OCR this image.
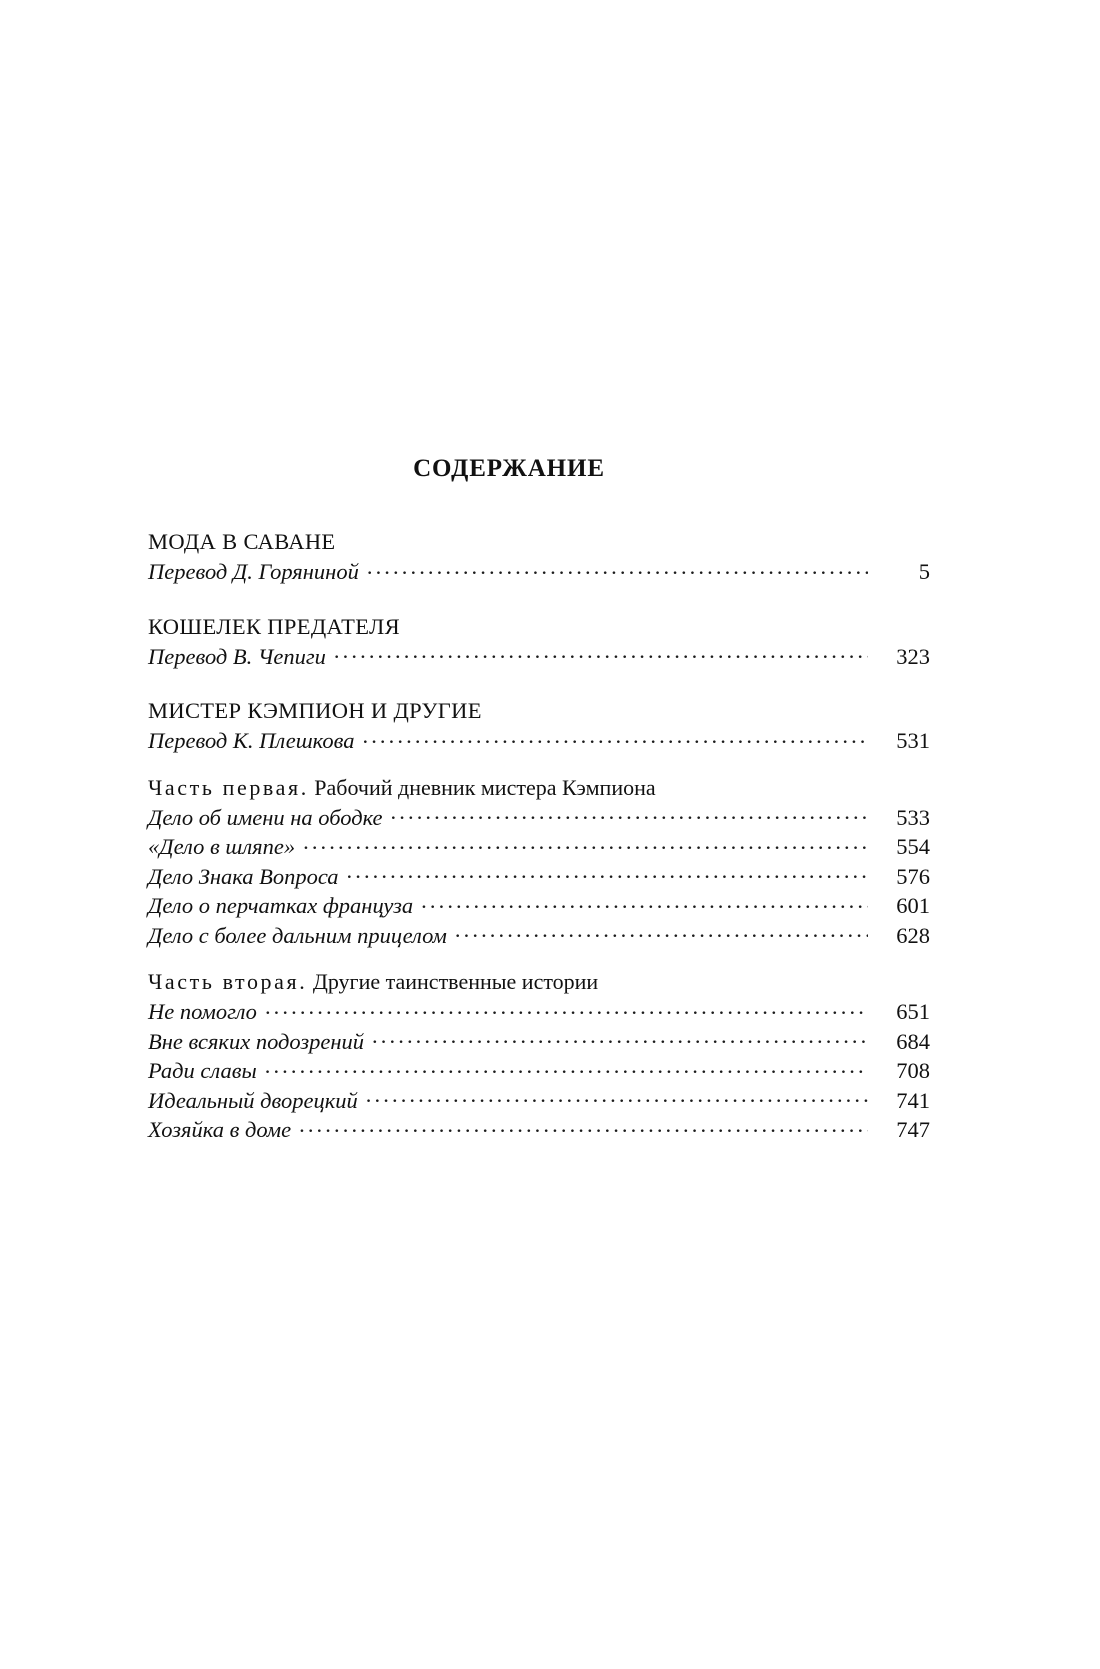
СОДЕРЖАНИЕ
МОДА В САВАНЕ
Перевод Д. Горяниной .....	5
КОШЕЛЕК ПРЕДАТЕЛЯ
Перевод В. Чепиги .....	323
МИСТЕР КЭМПИОН И ДРУГИЕ
Перевод К. Плешкова .....	531
Часть первая. Рабочий дневник мистера Кэмпиона
Дело об имени на ободке .....	533
«Дело в шляпе» .....	554
Дело Знака Вопроса .....	576
Дело о перчатках француза .....	601
Дело с более дальним прицелом .....	628
Часть вторая. Другие таинственные истории
Не помогло .....	651
Вне всяких подозрений .....	684
Ради славы .....	708
Идеальный дворецкий .....	741
Хозяйка в доме .....	747
